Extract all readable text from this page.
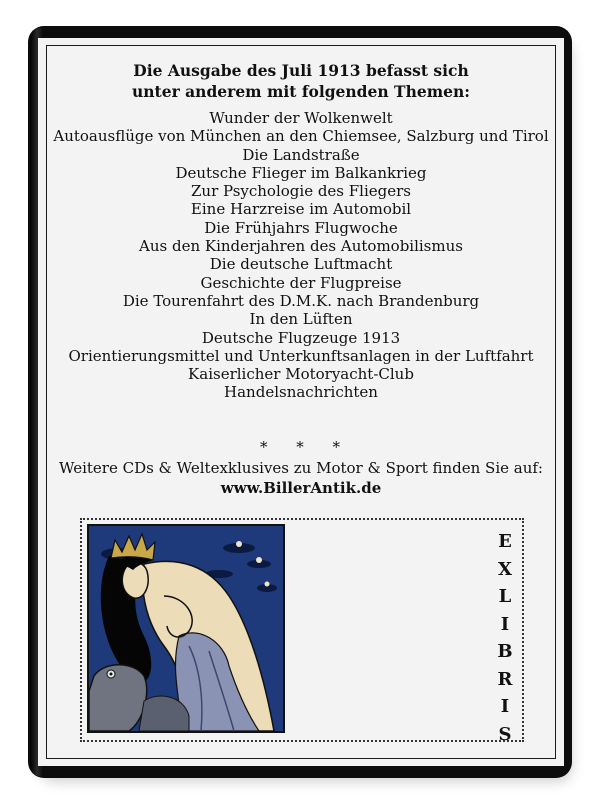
Die Ausgabe des Juli 1913 befasst sich
unter anderem mit folgenden Themen:
Wunder der Wolkenwelt
Autoausflüge von München an den Chiemsee, Salzburg und Tirol
Die Landstraße
Deutsche Flieger im Balkankrieg
Zur Psychologie des Fliegers
Eine Harzreise im Automobil
Die Frühjahrs Flugwoche
Aus den Kinderjahren des Automobilismus
Die deutsche Luftmacht
Geschichte der Flugpreise
Die Tourenfahrt des D.M.K. nach Brandenburg
In den Lüften
Deutsche Flugzeuge 1913
Orientierungsmittel und Unterkunftsanlagen in der Luftfahrt
Kaiserlicher Motoryacht-Club
Handelsnachrichten
* * *
Weitere CDs & Weltexklusives zu Motor & Sport finden Sie auf:
www.BillerAntik.de
E
X
L
I
B
R
I
S
